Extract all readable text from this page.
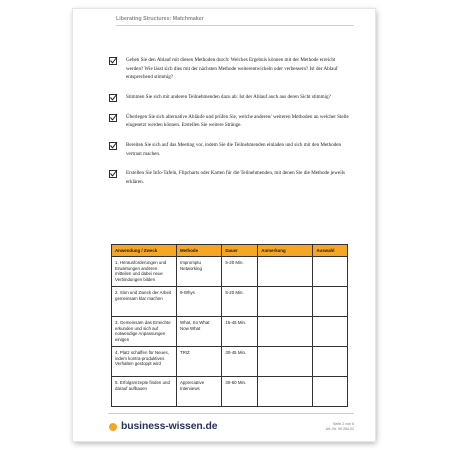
Liberating Structures: Matchmaker
Gehen Sie den Ablauf mit diesen Methoden durch: Welches Ergebnis können mit der Methode erreicht werden? Wie lässt sich dies mit der nächsten Methode weiterentwickeln oder verbessern? Ist der Ablauf entsprechend stimmig?
Stimmen Sie sich mit anderen Teilnehmenden dazu ab: Ist der Ablauf auch aus deren Sicht stimmig?
Überlegen Sie sich alternative Abläufe und prüfen Sie, welche anderen/ weiteren Methoden an welcher Stelle eingesetzt werden können. Erstellen Sie weitere Stränge.
Bereiten Sie sich auf das Meeting vor, indem Sie die Teilnehmenden einladen und sich mit den Methoden vertraut machen.
Erstellen Sie Info-Tafeln, Flipcharts oder Karten für die Teilnehmenden, mit denen Sie die Methode jeweils erklären.
Anwendung / Zweck	Methode	Dauer	Anmerkung	Auswahl
1. Herausforderungen und Erwartungen anderen mitteilen und dabei neue Verbindungen bilden	Impromptu Networking	5-20 Min.		
2. Sinn und Zweck der Arbeit gemeinsam klar machen	9-Whys	5-20 Min.		
3. Gemeinsam das Erreichte erkunden und sich auf notwendige Anpassungen einigen	What, So What Now What	15-45 Min.		
4. Platz schaffen für Neues, indem kontra-produktives Verhalten gestoppt wird	TRIZ	30-45 Min.		
5. Erfolgsrezepte finden und darauf aufbauen	Appreciative Interviews	30-60 Min.		
business-wissen.de	Seite 2 von 6
Art.-Nr. 99.284.02
